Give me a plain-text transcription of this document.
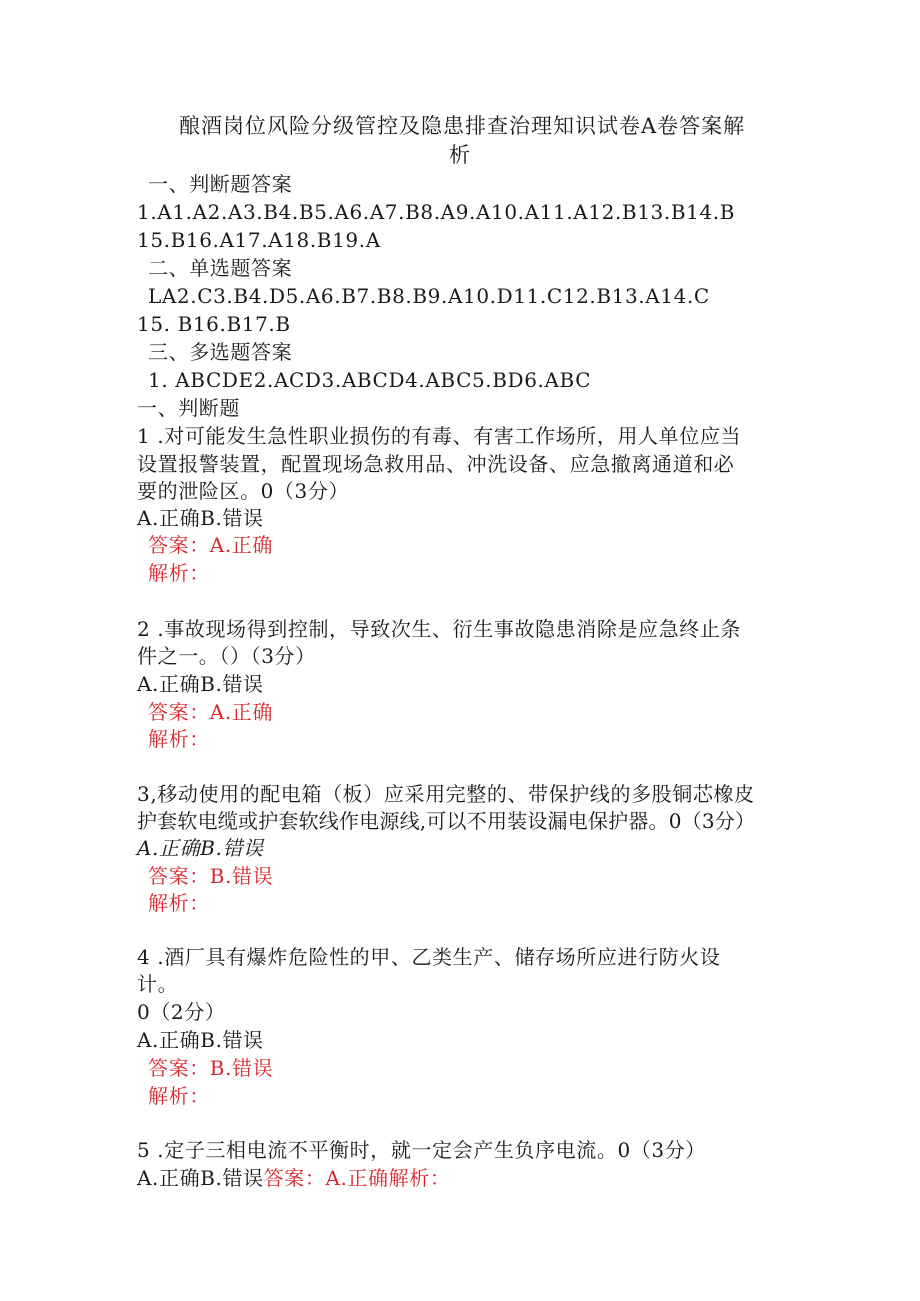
酿酒岗位风险分级管控及隐患排查治理知识试卷A卷答案解
析
一、判断题答案
1.A1.A2.A3.B4.B5.A6.A7.B8.A9.A10.A11.A12.B13.B14.B
15.B16.A17.A18.B19.A
二、单选题答案
LA2.C3.B4.D5.A6.B7.B8.B9.A10.D11.C12.B13.A14.C
15. B16.B17.B
三、多选题答案
1. ABCDE2.ACD3.ABCD4.ABC5.BD6.ABC
一、判断题
1 .对可能发生急性职业损伤的有毒、有害工作场所，用人单位应当
设置报警装置，配置现场急救用品、冲洗设备、应急撤离通道和必
要的泄险区。0（3分）
A.正确B.错误
答案：A.正确
解析：
2 .事故现场得到控制，导致次生、衍生事故隐患消除是应急终止条
件之一。（）（3分）
A.正确B.错误
答案：A.正确
解析：
3,移动使用的配电箱（板）应采用完整的、带保护线的多股铜芯橡皮
护套软电缆或护套软线作电源线,可以不用装设漏电保护器。0（3分）
A.正确B.错误
答案：B.错误
解析：
4 .酒厂具有爆炸危险性的甲、乙类生产、储存场所应进行防火设
计。
0（2分）
A.正确B.错误
答案：B.错误
解析：
5 .定子三相电流不平衡时，就一定会产生负序电流。0（3分）
A.正确B.错误答案：A.正确解析：
